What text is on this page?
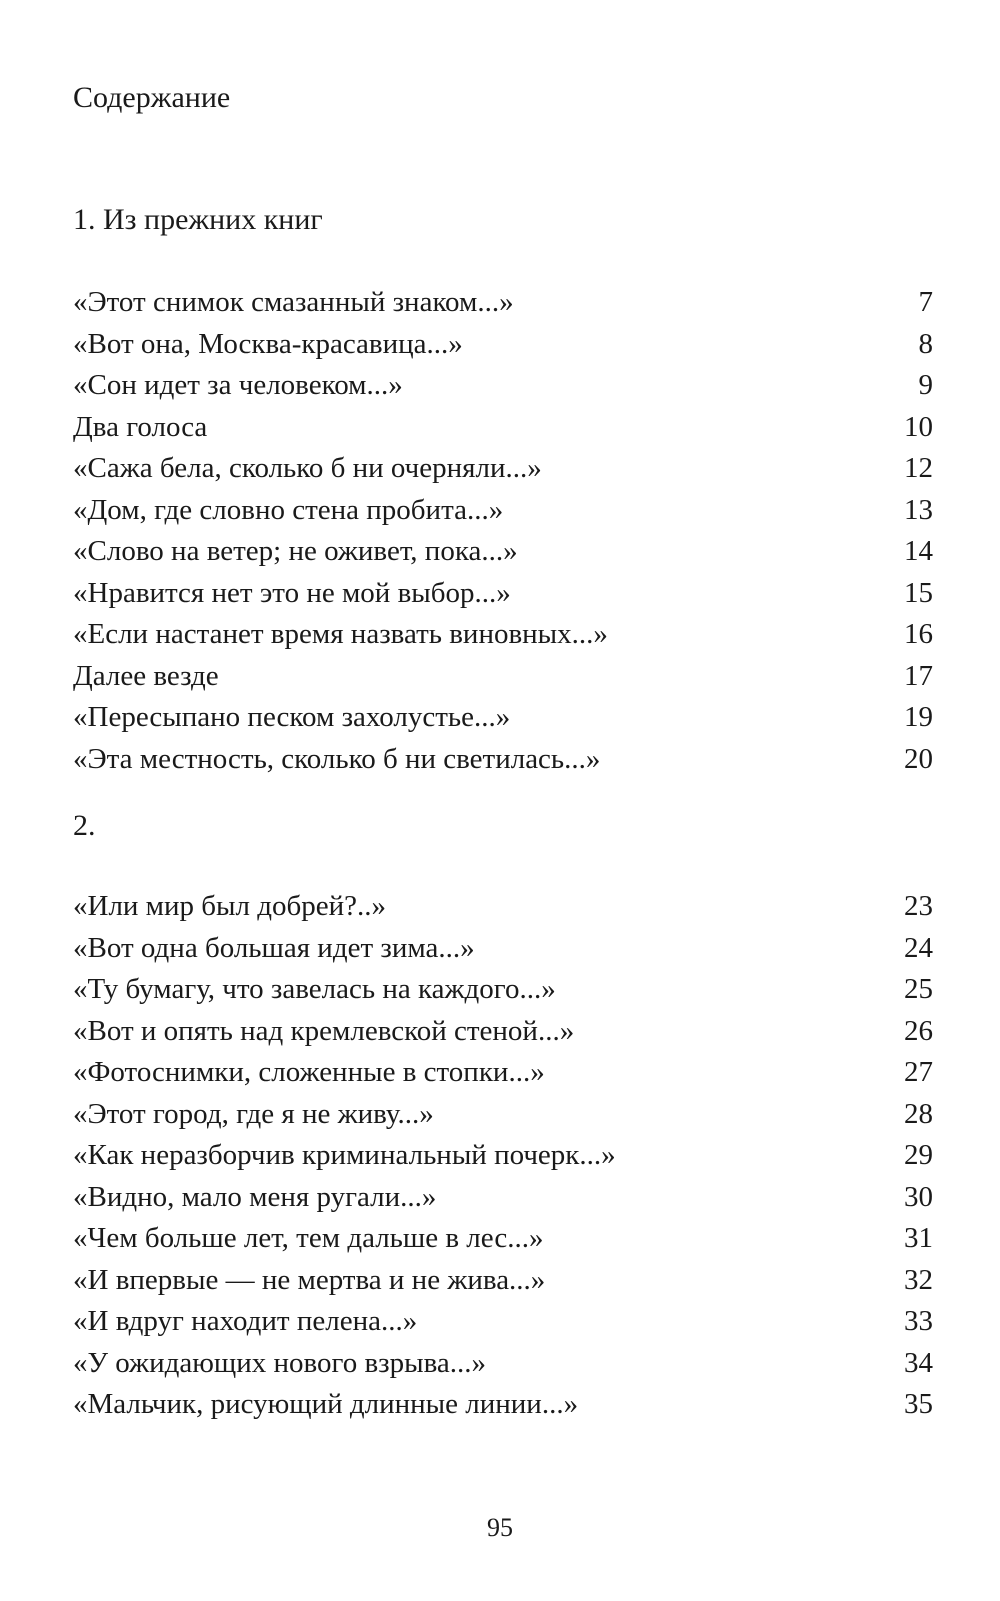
Содержание
1. Из прежних книг
«Этот снимок смазанный знаком...»	7
«Вот она, Москва-красавица...»	8
«Сон идет за человеком...»	9
Два голоса	10
«Сажа бела, сколько б ни очерняли...»	12
«Дом, где словно стена пробита...»	13
«Слово на ветер; не оживет, пока...»	14
«Нравится нет это не мой выбор...»	15
«Если настанет время назвать виновных...»	16
Далее везде	17
«Пересыпано песком захолустье...»	19
«Эта местность, сколько б ни светилась...»	20
2.
«Или мир был добрей?..»	23
«Вот одна большая идет зима...»	24
«Ту бумагу, что завелась на каждого...»	25
«Вот и опять над кремлевской стеной...»	26
«Фотоснимки, сложенные в стопки...»	27
«Этот город, где я не живу...»	28
«Как неразборчив криминальный почерк...»	29
«Видно, мало меня ругали...»	30
«Чем больше лет, тем дальше в лес...»	31
«И впервые — не мертва и не жива...»	32
«И вдруг находит пелена...»	33
«У ожидающих нового взрыва...»	34
«Мальчик, рисующий длинные линии...»	35
95
